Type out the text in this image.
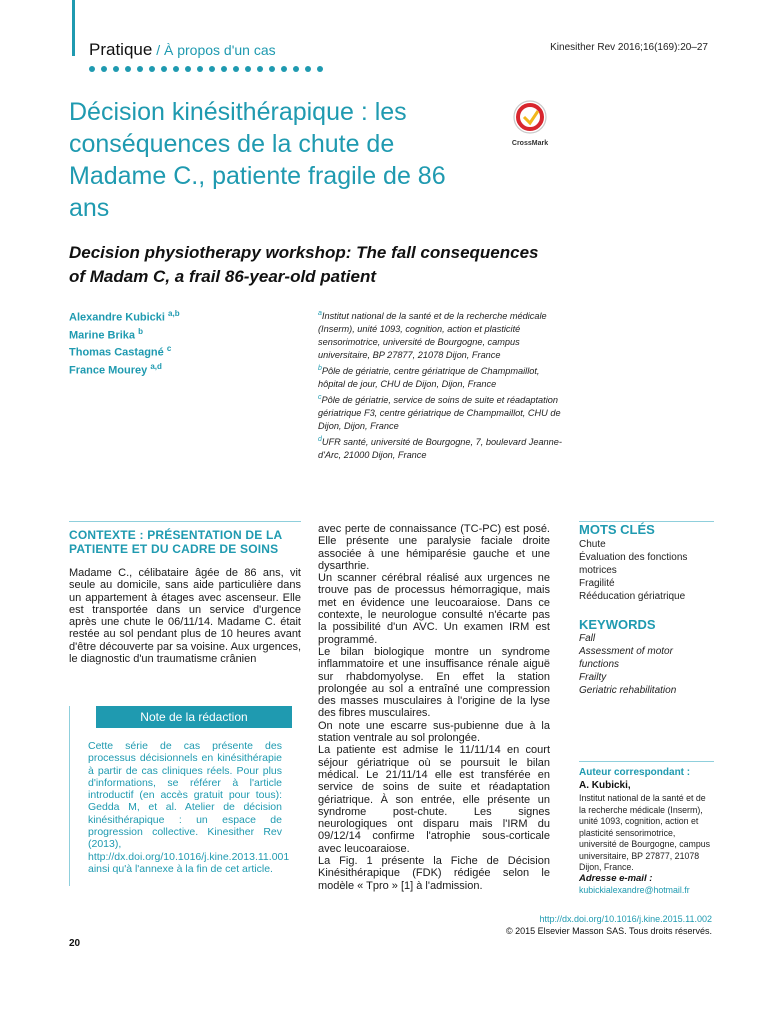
Pratique / À propos d'un cas	Kinesither Rev 2016;16(169):20–27
Décision kinésithérapique : les conséquences de la chute de Madame C., patiente fragile de 86 ans
CrossMark
Decision physiotherapy workshop: The fall consequences of Madam C, a frail 86-year-old patient
Alexandre Kubicki $^{a,b}$
Marine Brika $^b$
Thomas Castagné $^c$
France Mourey $^{a,d}$
$^a$Institut national de la santé et de la recherche médicale (Inserm), unité 1093, cognition, action et plasticité sensorimotrice, université de Bourgogne, campus universitaire, BP 27877, 21078 Dijon, France
$^b$Pôle de gériatrie, centre gériatrique de Champmaillot, hôpital de jour, CHU de Dijon, Dijon, France
$^c$Pôle de gériatrie, service de soins de suite et réadaptation gériatrique F3, centre gériatrique de Champmaillot, CHU de Dijon, Dijon, France
$^d$UFR santé, université de Bourgogne, 7, boulevard Jeanne-d'Arc, 21000 Dijon, France
CONTEXTE : PRÉSENTATION DE LA PATIENTE ET DU CADRE DE SOINS
Madame C., célibataire âgée de 86 ans, vit seule au domicile, sans aide particulière dans un appartement à étages avec ascenseur. Elle est transportée dans un service d'urgence après une chute le 06/11/14. Madame C. était restée au sol pendant plus de 10 heures avant d'être découverte par sa voisine. Aux urgences, le diagnostic d'un traumatisme crânien
Note de la rédaction
Cette série de cas présente des processus décisionnels en kinésithérapie à partir de cas cliniques réels. Pour plus d'informations, se référer à l'article introductif (en accès gratuit pour tous): Gedda M, et al. Atelier de décision kinésithérapique : un espace de progression collective. Kinesither Rev (2013), http://dx.doi.org/10.1016/j.kine.2013.11.001 ainsi qu'à l'annexe à la fin de cet article.

avec perte de connaissance (TC-PC) est posé. Elle présente une paralysie faciale droite associée à une hémiparésie gauche et une dysarthrie.

Un scanner cérébral réalisé aux urgences ne trouve pas de processus hémorragique, mais met en évidence une leucoaraiose. Dans ce contexte, le neurologue consulté n'écarte pas la possibilité d'un AVC. Un examen IRM est programmé.

Le bilan biologique montre un syndrome inflammatoire et une insuffisance rénale aiguë sur rhabdomyolyse. En effet la station prolongée au sol a entraîné une compression des masses musculaires à l'origine de la lyse des fibres musculaires.

On note une escarre sus-pubienne due à la station ventrale au sol prolongée.

La patiente est admise le 11/11/14 en court séjour gériatrique où se poursuit le bilan médical. Le 21/11/14 elle est transférée en service de soins de suite et réadaptation gériatrique. À son entrée, elle présente un syndrome post-chute. Les signes neurologiques ont disparu mais l'IRM du 09/12/14 confirme l'atrophie sous-corticale avec leucoaraiose.

La Fig. 1 présente la Fiche de Décision Kinésithérapique (FDK) rédigée selon le modèle « Tpro » [1] à l'admission.

MOTS CLÉS
Chute
Évaluation des fonctions motrices
Fragilité
Rééducation gériatrique
KEYWORDS
Fall
Assessment of motor functions
Frailty
Geriatric rehabilitation
Auteur correspondant :
A. Kubicki,
Institut national de la santé et de la recherche médicale (Inserm), unité 1093, cognition, action et plasticité sensorimotrice, université de Bourgogne, campus universitaire, BP 27877, 21078 Dijon, France.
Adresse e-mail :
kubickialexandre@hotmail.fr
http://dx.doi.org/10.1016/j.kine.2015.11.002
© 2015 Elsevier Masson SAS. Tous droits réservés.
20
